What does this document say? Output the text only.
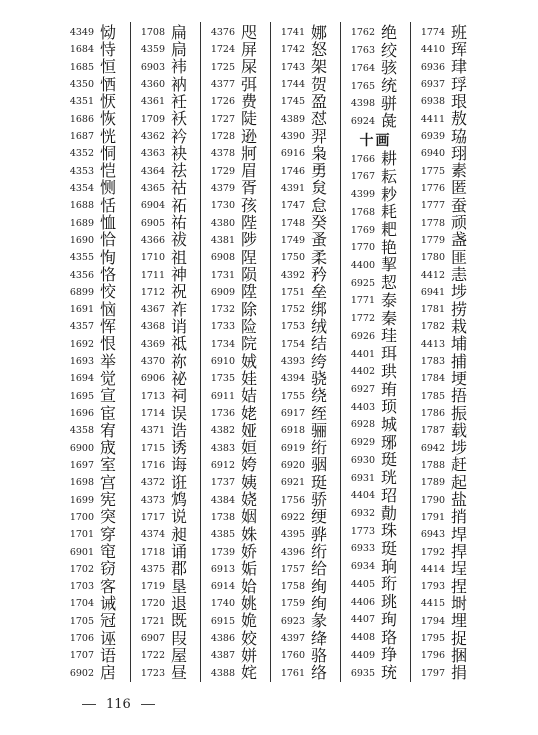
4349 恸
1684 恃
1685 恒
4350 恓
4351 恹
1686 恢
1687 恍
4352 恫
4353 恺
4354 恻
1688 恬
1689 恤
1690 恰
4355 恂
4356 恪
6899 恔
1691 恼
4357 恽
1692 恨
1693 举
1694 觉
1695 宣
1696 宦
4358 宥
6900 宬
1697 室
1698 宫
1699 宪
1700 突
1701 穿
6901 窀
1702 窃
1703 客
1704 诫
1705 冠
1706 诬
1707 语
6902 扂
1708 扁
4359 扃
6903 袆
4360 衲
4361 衽
1709 袄
4362 衿
4363 袂
4364 祛
4365 祜
6904 祏
6905 祐
4366 祓
1710 祖
1711 神
1712 祝
4367 祚
4368 诮
4369 祗
4370 祢
6906 祕
1713 祠
1714 误
4371 诰
1715 诱
1716 诲
4372 诳
4373 鸩
1717 说
4374 昶
1718 诵
4375 郡
1719 垦
1720 退
1721 既
6907 叚
1722 屋
1723 昼
4376 咫
1724 屏
1725 屎
4377 弭
1726 费
1727 陡
1728 逊
4378 牁
1729 眉
4379 胥
1730 孩
4380 陛
4381 陟
6908 陧
1731 陨
6909 陞
1732 除
1733 险
1734 院
6910 娀
1735 娃
6911 姞
1736 姥
4382 娅
4383 姮
6912 姱
1737 姨
4384 娆
1738 姻
4385 姝
1739 娇
6913 姤
6914 姶
1740 姚
6915 姽
4386 姣
4387 姘
4388 姹
1741 娜
1742 怒
1743 架
1744 贺
1745 盈
4389 怼
4390 羿
6916 枭
1746 勇
4391 炱
1747 怠
1748 癸
1749 蚤
1750 柔
4392 矜
1751 垒
1752 绑
1753 绒
1754 结
4393 绔
4394 骁
1755 绕
6917 绖
6918 骊
6919 绗
6920 骃
6921 珽
1756 骄
6922 绠
4395 骅
4396 绗
1757 给
1758 绚
1759 绚
6923 彖
4397 绛
1760 骆
1761 络
1762 绝
1763 绞
1764 骇
1765 统
4398 骈
6924 彘
十画
1766 耕
1767 耘
4399 耖
1768 耗
1769 耙
1770 艳
4400 挈
6925 恝
1771 泰
1772 秦
6926 珪
4401 珥
4402 珙
6927 珛
4403 顼
6928 城
6929 琊
6930 珽
6931 珖
4404 玿
6932 勣
1773 珠
6933 珽
6934 珦
4405 珩
4406 珧
4407 珣
4408 珞
4409 琤
6935 珫
1774 班
4410 珲
6936 珒
6937 琈
6938 珢
4411 敖
6939 珕
6940 珝
1775 素
1776 匿
1777 蚕
1778 顽
1779 盏
1780 匪
4412 恚
6941 埗
1781 捞
1782 栽
4413 埔
1783 捕
1784 埂
1785 捂
1786 振
1787 载
6942 埗
1788 赶
1789 起
1790 盐
1791 捎
6943 垾
1792 捍
4414 埕
1793 捏
4415 埘
1794 埋
1795 捉
1796 捆
1797 捐
116
